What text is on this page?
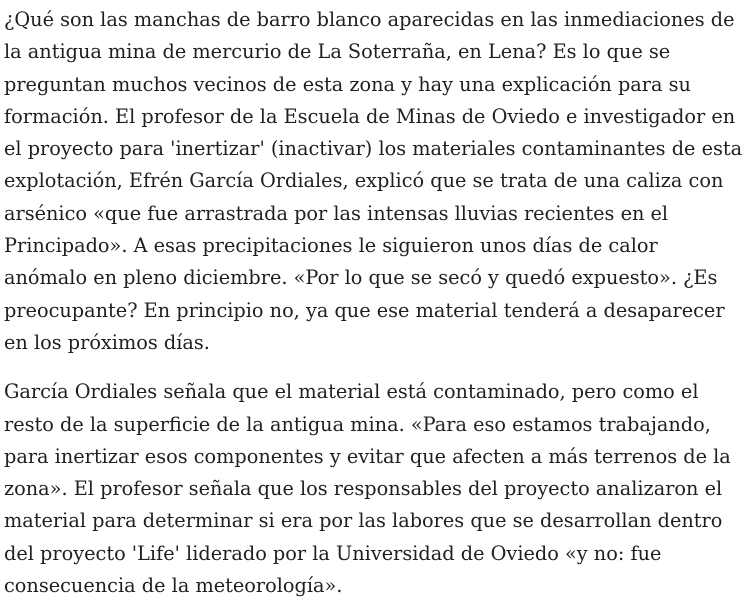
¿Qué son las manchas de barro blanco aparecidas en las inmediaciones de
la antigua mina de mercurio de La Soterraña, en Lena? Es lo que se
preguntan muchos vecinos de esta zona y hay una explicación para su
formación. El profesor de la Escuela de Minas de Oviedo e investigador en
el proyecto para 'inertizar' (inactivar) los materiales contaminantes de esta
explotación, Efrén García Ordiales, explicó que se trata de una caliza con
arsénico «que fue arrastrada por las intensas lluvias recientes en el
Principado». A esas precipitaciones le siguieron unos días de calor
anómalo en pleno diciembre. «Por lo que se secó y quedó expuesto». ¿Es
preocupante? En principio no, ya que ese material tenderá a desaparecer
en los próximos días.

García Ordiales señala que el material está contaminado, pero como el
resto de la superficie de la antigua mina. «Para eso estamos trabajando,
para inertizar esos componentes y evitar que afecten a más terrenos de la
zona». El profesor señala que los responsables del proyecto analizaron el
material para determinar si era por las labores que se desarrollan dentro
del proyecto 'Life' liderado por la Universidad de Oviedo «y no: fue
consecuencia de la meteorología».
